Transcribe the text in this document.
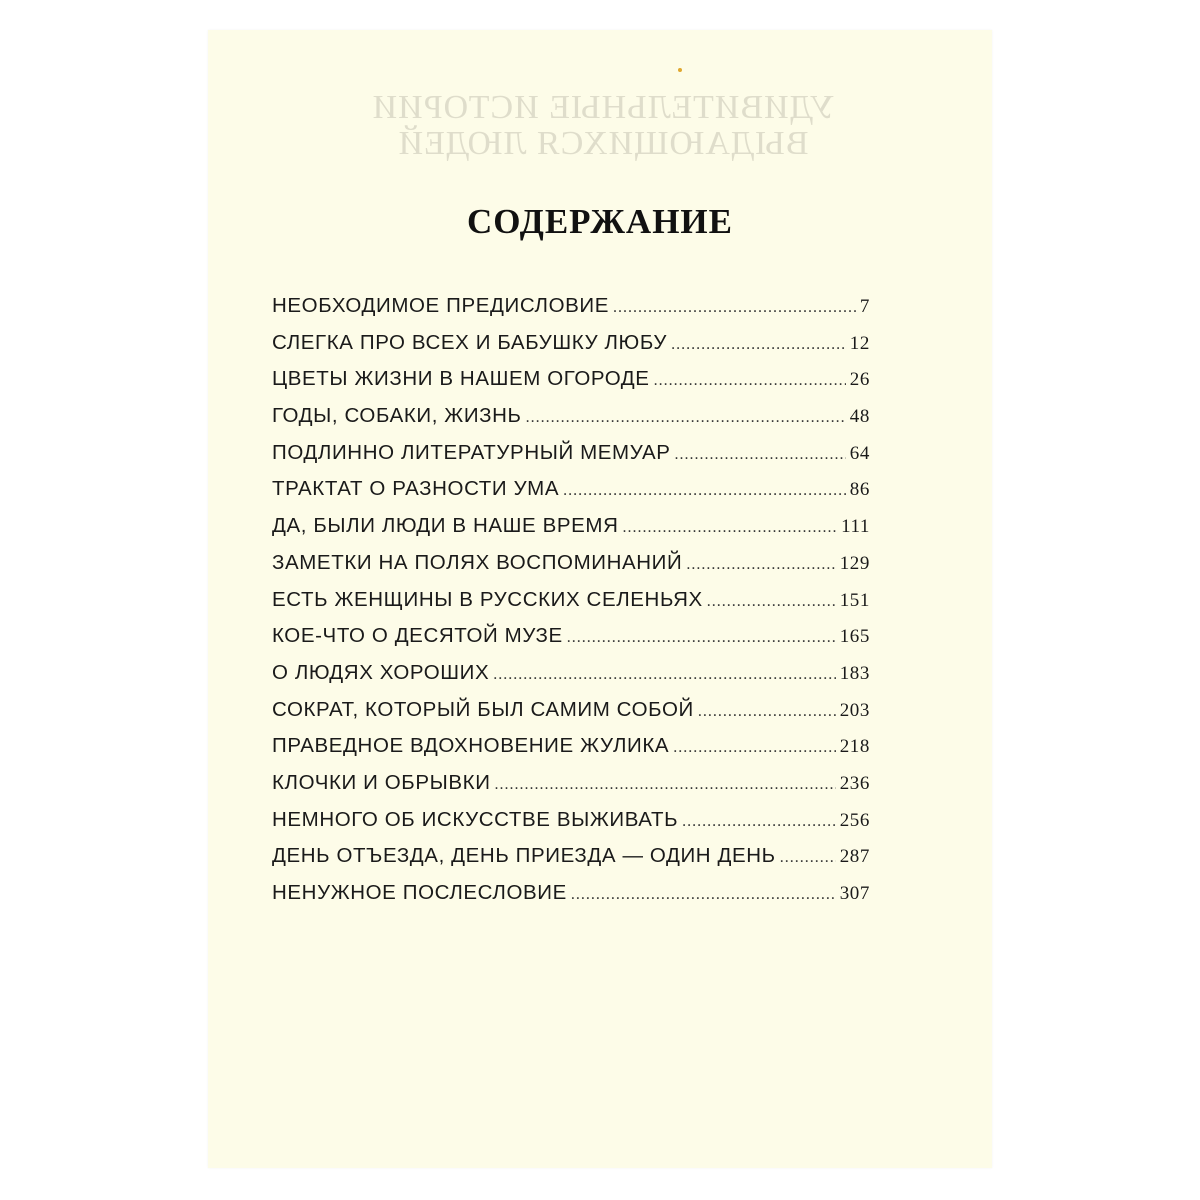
УДИВИТЕЛЬНЫЕ ИСТОРИИ ВЫДАЮЩИХСЯ ЛЮДЕЙ
СОДЕРЖАНИЕ
НЕОБХОДИМОЕ ПРЕДИСЛОВИЕ .....	7
СЛЕГКА ПРО ВСЕХ И БАБУШКУ ЛЮБУ .....	12
ЦВЕТЫ ЖИЗНИ В НАШЕМ ОГОРОДЕ .....	26
ГОДЫ, СОБАКИ, ЖИЗНЬ .....	48
ПОДЛИННО ЛИТЕРАТУРНЫЙ МЕМУАР .....	64
ТРАКТАТ О РАЗНОСТИ УМА .....	86
ДА, БЫЛИ ЛЮДИ В НАШЕ ВРЕМЯ .....	111
ЗАМЕТКИ НА ПОЛЯХ ВОСПОМИНАНИЙ .....	129
ЕСТЬ ЖЕНЩИНЫ В РУССКИХ СЕЛЕНЬЯХ .....	151
КОЕ-ЧТО О ДЕСЯТОЙ МУЗЕ .....	165
О ЛЮДЯХ ХОРОШИХ .....	183
СОКРАТ, КОТОРЫЙ БЫЛ САМИМ СОБОЙ .....	203
ПРАВЕДНОЕ ВДОХНОВЕНИЕ ЖУЛИКА .....	218
КЛОЧКИ И ОБРЫВКИ .....	236
НЕМНОГО ОБ ИСКУССТВЕ ВЫЖИВАТЬ .....	256
ДЕНЬ ОТЪЕЗДА, ДЕНЬ ПРИЕЗДА — ОДИН ДЕНЬ .....	287
НЕНУЖНОЕ ПОСЛЕСЛОВИЕ .....	307
